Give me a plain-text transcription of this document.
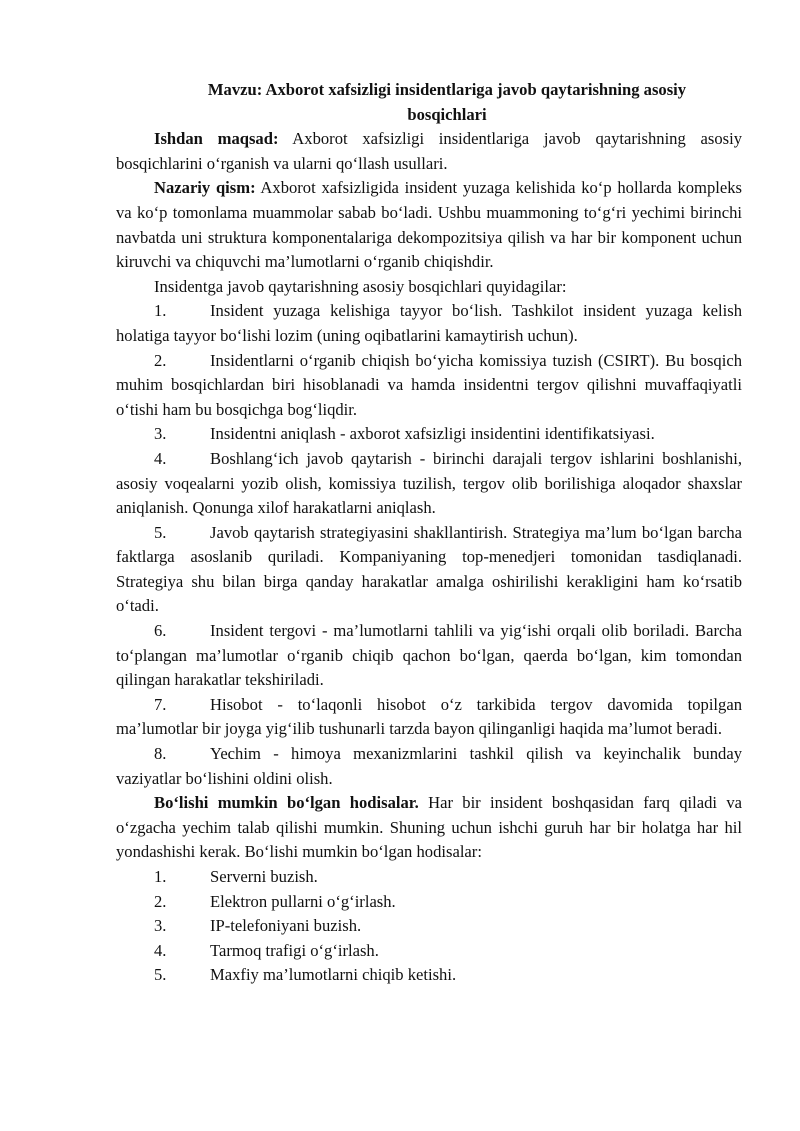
Mavzu: Axborot xafsizligi insidentlariga javob qaytarishning asosiy
bosqichlari

Ishdan maqsad: Axborot xafsizligi insidentlariga javob qaytarishning asosiy bosqichlarini o‘rganish va ularni qo‘llash usullari.

Nazariy qism: Axborot xafsizligida insident yuzaga kelishida ko‘p hollarda kompleks va ko‘p tomonlama muammolar sabab bo‘ladi. Ushbu muammoning to‘g‘ri yechimi birinchi navbatda uni struktura komponentalariga dekompozitsiya qilish va har bir komponent uchun kiruvchi va chiquvchi ma’lumotlarni o‘rganib chiqishdir.

Insidentga javob qaytarishning asosiy bosqichlari quyidagilar:

1.	Insident yuzaga kelishiga tayyor bo‘lish. Tashkilot insident yuzaga kelish holatiga tayyor bo‘lishi lozim (uning oqibatlarini kamaytirish uchun).

2.	Insidentlarni o‘rganib chiqish bo‘yicha komissiya tuzish (CSIRT). Bu bosqich muhim bosqichlardan biri hisoblanadi va hamda insidentni tergov qilishni muvaffaqiyatli o‘tishi ham bu bosqichga bog‘liqdir.

3.	Insidentni aniqlash - axborot xafsizligi insidentini identifikatsiyasi.

4.	Boshlang‘ich javob qaytarish - birinchi darajali tergov ishlarini boshlanishi, asosiy voqealarni yozib olish, komissiya tuzilish, tergov olib borilishiga aloqador shaxslar aniqlanish. Qonunga xilof harakatlarni aniqlash.

5.	Javob qaytarish strategiyasini shakllantirish. Strategiya ma’lum bo‘lgan barcha faktlarga asoslanib quriladi. Kompaniyaning top-menedjeri tomonidan tasdiqlanadi. Strategiya shu bilan birga qanday harakatlar amalga oshirilishi kerakligini ham ko‘rsatib o‘tadi.

6.	Insident tergovi - ma’lumotlarni tahlili va yig‘ishi orqali olib boriladi. Barcha to‘plangan ma’lumotlar o‘rganib chiqib qachon bo‘lgan, qaerda bo‘lgan, kim tomondan qilingan harakatlar tekshiriladi.

7.	Hisobot - to‘laqonli hisobot o‘z tarkibida tergov davomida topilgan ma’lumotlar bir joyga yig‘ilib tushunarli tarzda bayon qilinganligi haqida ma’lumot beradi.

8.	Yechim - himoya mexanizmlarini tashkil qilish va keyinchalik bunday vaziyatlar bo‘lishini oldini olish.

Bo‘lishi mumkin bo‘lgan hodisalar. Har bir insident boshqasidan farq qiladi va o‘zgacha yechim talab qilishi mumkin. Shuning uchun ishchi guruh har bir holatga har hil yondashishi kerak. Bo‘lishi mumkin bo‘lgan hodisalar:

1.	Serverni buzish.

2.	Elektron pullarni o‘g‘irlash.

3.	IP-telefoniyani buzish.

4.	Tarmoq trafigi o‘g‘irlash.

5.	Maxfiy ma’lumotlarni chiqib ketishi.
